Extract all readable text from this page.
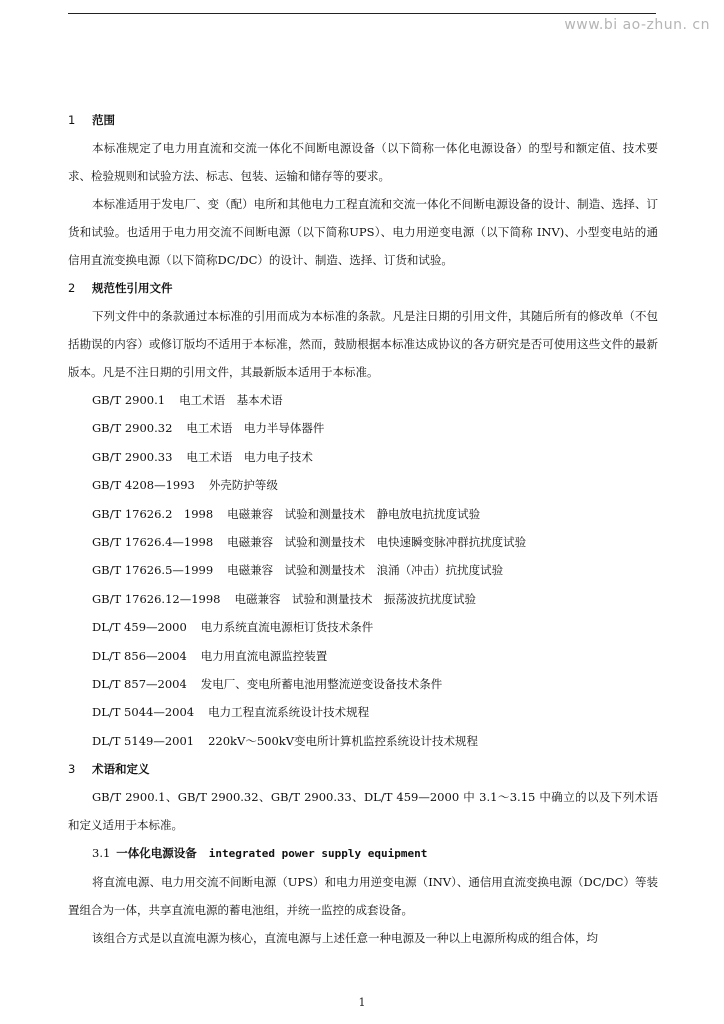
www.bi ao-zhun. cn
1 范围
本标准规定了电力用直流和交流一体化不间断电源设备（以下简称一体化电源设备）的型号和额定值、技术要求、检验规则和试验方法、标志、包装、运输和储存等的要求。
本标准适用于发电厂、变（配）电所和其他电力工程直流和交流一体化不间断电源设备的设计、制造、选择、订货和试验。也适用于电力用交流不间断电源（以下简称UPS）、电力用逆变电源（以下简称 INV)、小型变电站的通信用直流变换电源（以下简称DC/DC）的设计、制造、选择、订货和试验。
2 规范性引用文件
下列文件中的条款通过本标准的引用而成为本标准的条款。凡是注日期的引用文件，其随后所有的修改单（不包括勘误的内容）或修订版均不适用于本标准，然而，鼓励根据本标准达成协议的各方研究是否可使用这些文件的最新版本。凡是不注日期的引用文件，其最新版本适用于本标准。
GB/T 2900.1 电工术语　基本术语
GB/T 2900.32 电工术语　电力半导体器件
GB/T 2900.33 电工术语　电力电子技术
GB/T 4208—1993 外壳防护等级
GB/T 17626.2　1998 电磁兼容　试验和测量技术　静电放电抗扰度试验
GB/T 17626.4—1998 电磁兼容　试验和测量技术　电快速瞬变脉冲群抗扰度试验
GB/T 17626.5—1999 电磁兼容　试验和测量技术　浪涌（冲击）抗扰度试验
GB/T 17626.12—1998 电磁兼容　试验和测量技术　振荡波抗扰度试验
DL/T 459—2000 电力系统直流电源柜订货技术条件
DL/T 856—2004 电力用直流电源监控装置
DL/T 857—2004 发电厂、变电所蓄电池用整流逆变设备技术条件
DL/T 5044—2004 电力工程直流系统设计技术规程
DL/T 5149—2001 220kV～500kV变电所计算机监控系统设计技术规程
3 术语和定义
GB/T 2900.1、GB/T 2900.32、GB/T 2900.33、DL/T 459—2000 中 3.1～3.15 中确立的以及下列术语和定义适用于本标准。
3.1 一体化电源设备 integrated power supply equipment
将直流电源、电力用交流不间断电源（UPS）和电力用逆变电源（INV）、通信用直流变换电源（DC/DC）等装置组合为一体，共享直流电源的蓄电池组，并统一监控的成套设备。
该组合方式是以直流电源为核心，直流电源与上述任意一种电源及一种以上电源所构成的组合体，均
1
